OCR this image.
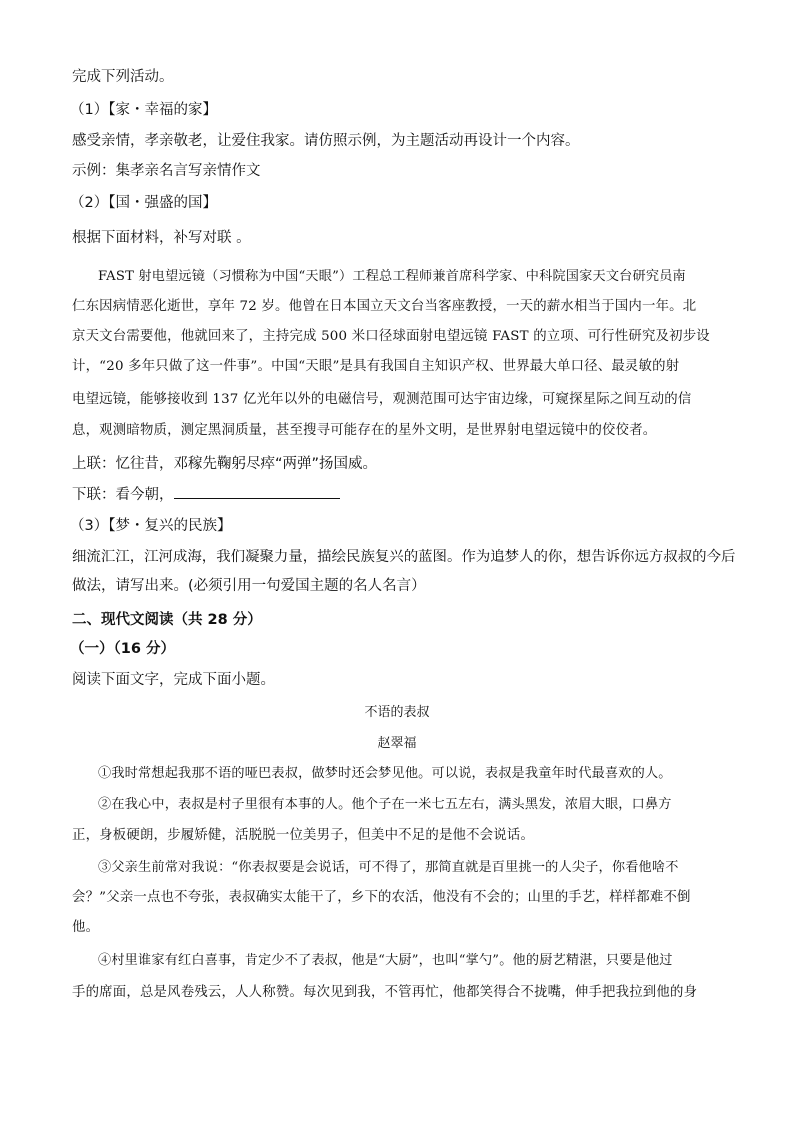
完成下列活动。
（1）【家・幸福的家】
感受亲情，孝亲敬老，让爱住我家。请仿照示例，为主题活动再设计一个内容。
示例：集孝亲名言写亲情作文
（2）【国・强盛的国】
根据下面材料，补写对联 。
FAST 射电望远镜（习惯称为中国“天眼”）工程总工程师兼首席科学家、中科院国家天文台研究员南
仁东因病情恶化逝世，享年 72 岁。他曾在日本国立天文台当客座教授，一天的薪水相当于国内一年。北
京天文台需要他，他就回来了，主持完成 500 米口径球面射电望远镜 FAST 的立项、可行性研究及初步设
计，“20 多年只做了这一件事”。中国“天眼”是具有我国自主知识产权、世界最大单口径、最灵敏的射
电望远镜，能够接收到 137 亿光年以外的电磁信号，观测范围可达宇宙边缘，可窥探星际之间互动的信
息，观测暗物质，测定黑洞质量，甚至搜寻可能存在的星外文明，是世界射电望远镜中的佼佼者。
上联：忆往昔，邓稼先鞠躬尽瘁“两弹”扬国威。
下联：看今朝，
（3）【梦・复兴的民族】
细流汇江，江河成海，我们凝聚力量，描绘民族复兴的蓝图。作为追梦人的你，想告诉你远方叔叔的今后
做法，请写出来。(必须引用一句爱国主题的名人名言）
二、现代文阅读（共 28 分）
（一）（16 分）
阅读下面文字，完成下面小题。
不语的表叔
赵翠福
①我时常想起我那不语的哑巴表叔，做梦时还会梦见他。可以说，表叔是我童年时代最喜欢的人。
②在我心中，表叔是村子里很有本事的人。他个子在一米七五左右，满头黑发，浓眉大眼，口鼻方
正，身板硬朗，步履矫健，活脱脱一位美男子，但美中不足的是他不会说话。
③父亲生前常对我说：“你表叔要是会说话，可不得了，那简直就是百里挑一的人尖子，你看他啥不
会？”父亲一点也不夸张，表叔确实太能干了，乡下的农活，他没有不会的；山里的手艺，样样都难不倒
他。
④村里谁家有红白喜事，肯定少不了表叔，他是“大厨”，也叫“掌勺”。他的厨艺精湛，只要是他过
手的席面，总是风卷残云，人人称赞。每次见到我，不管再忙，他都笑得合不拢嘴，伸手把我拉到他的身
